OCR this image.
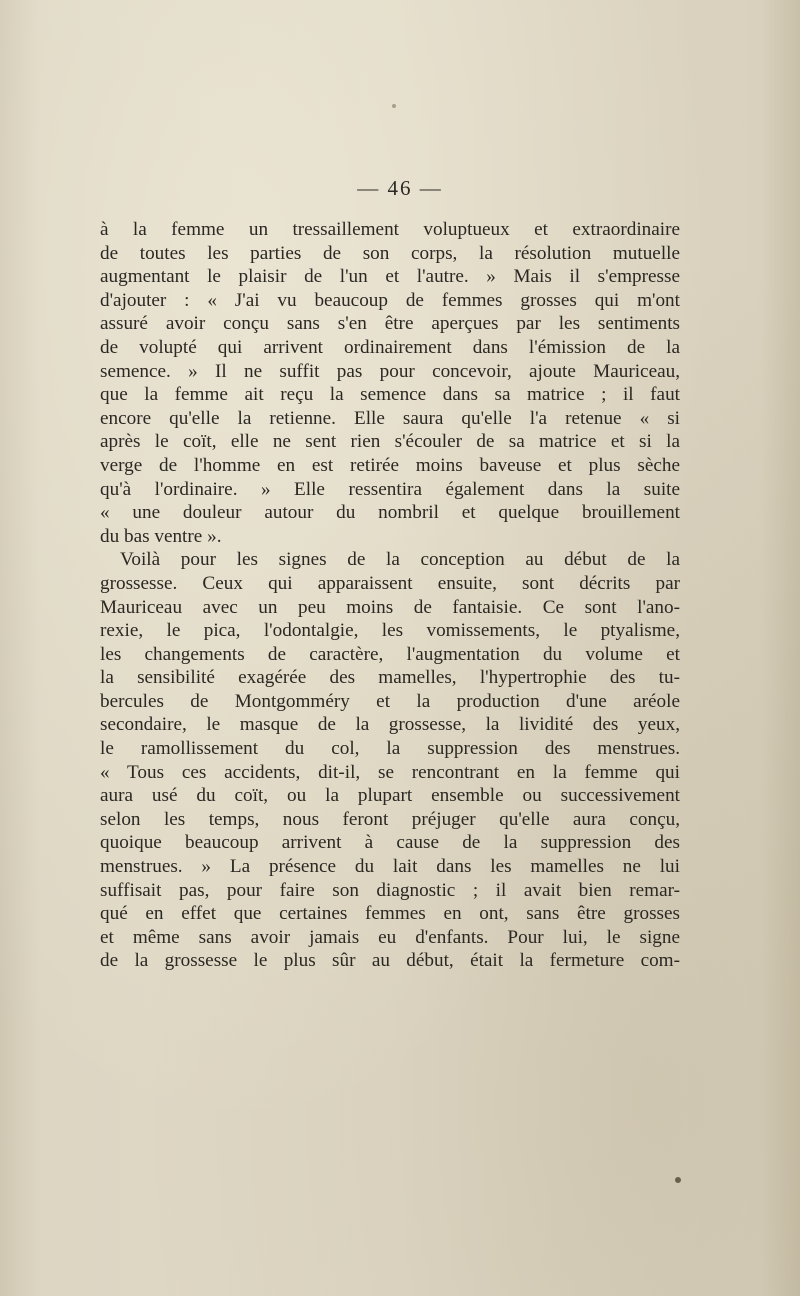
— 46 —
à la femme un tressaillement voluptueux et extraordinaire
de toutes les parties de son corps, la résolution mutuelle
augmentant le plaisir de l'un et l'autre. » Mais il s'empresse
d'ajouter : « J'ai vu beaucoup de femmes grosses qui m'ont
assuré avoir conçu sans s'en être aperçues par les sentiments
de volupté qui arrivent ordinairement dans l'émission de la
semence. » Il ne suffit pas pour concevoir, ajoute Mauriceau,
que la femme ait reçu la semence dans sa matrice ; il faut
encore qu'elle la retienne. Elle saura qu'elle l'a retenue « si
après le coït, elle ne sent rien s'écouler de sa matrice et si la
verge de l'homme en est retirée moins baveuse et plus sèche
qu'à l'ordinaire. » Elle ressentira également dans la suite
« une douleur autour du nombril et quelque brouillement
du bas ventre ».
Voilà pour les signes de la conception au début de la
grossesse. Ceux qui apparaissent ensuite, sont décrits par
Mauriceau avec un peu moins de fantaisie. Ce sont l'ano-
rexie, le pica, l'odontalgie, les vomissements, le ptyalisme,
les changements de caractère, l'augmentation du volume et
la sensibilité exagérée des mamelles, l'hypertrophie des tu-
bercules de Montgomméry et la production d'une aréole
secondaire, le masque de la grossesse, la lividité des yeux,
le ramollissement du col, la suppression des menstrues.
« Tous ces accidents, dit-il, se rencontrant en la femme qui
aura usé du coït, ou la plupart ensemble ou successivement
selon les temps, nous feront préjuger qu'elle aura conçu,
quoique beaucoup arrivent à cause de la suppression des
menstrues. » La présence du lait dans les mamelles ne lui
suffisait pas, pour faire son diagnostic ; il avait bien remar-
qué en effet que certaines femmes en ont, sans être grosses
et même sans avoir jamais eu d'enfants. Pour lui, le signe
de la grossesse le plus sûr au début, était la fermeture com-
